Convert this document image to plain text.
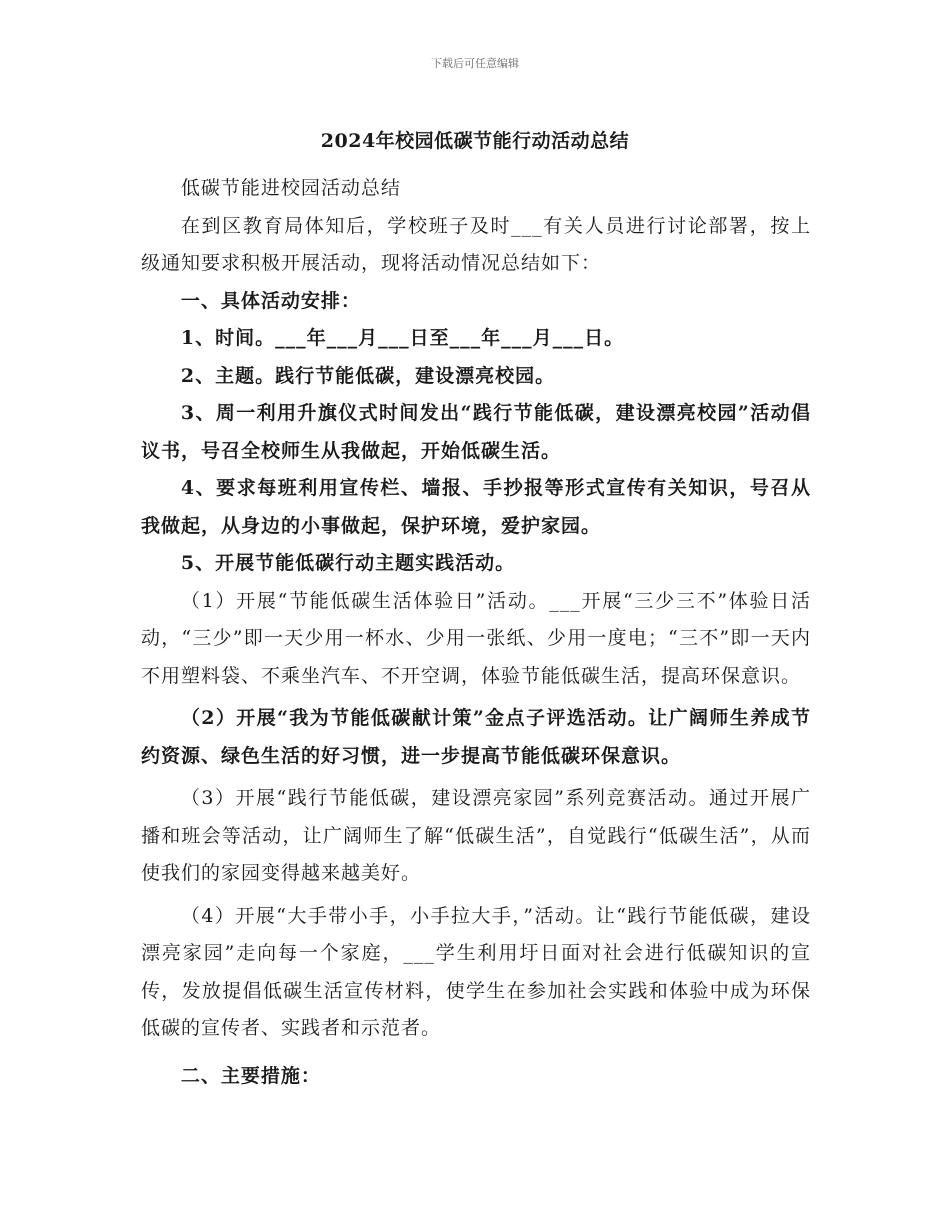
下载后可任意编辑
2024年校园低碳节能行动活动总结

低碳节能进校园活动总结

在到区教育局体知后，学校班子及时___有关人员进行讨论部署，按上级通知要求积极开展活动，现将活动情况总结如下：

一、具体活动安排：

1、时间。___年___月___日至___年___月___日。

2、主题。践行节能低碳，建设漂亮校园。

3、周一利用升旗仪式时间发出“践行节能低碳，建设漂亮校园”活动倡议书，号召全校师生从我做起，开始低碳生活。

4、要求每班利用宣传栏、墙报、手抄报等形式宣传有关知识，号召从我做起，从身边的小事做起，保护环境，爱护家园。

5、开展节能低碳行动主题实践活动。

（1）开展“节能低碳生活体验日”活动。___开展“三少三不”体验日活动，“三少”即一天少用一杯水、少用一张纸、少用一度电；“三不”即一天内不用塑料袋、不乘坐汽车、不开空调，体验节能低碳生活，提高环保意识。

（2）开展“我为节能低碳献计策”金点子评选活动。让广阔师生养成节约资源、绿色生活的好习惯，进一步提高节能低碳环保意识。

（3）开展“践行节能低碳，建设漂亮家园”系列竞赛活动。通过开展广播和班会等活动，让广阔师生了解“低碳生活”，自觉践行“低碳生活”，从而使我们的家园变得越来越美好。

（4）开展“大手带小手，小手拉大手，”活动。让“践行节能低碳，建设漂亮家园”走向每一个家庭，___学生利用圩日面对社会进行低碳知识的宣传，发放提倡低碳生活宣传材料，使学生在参加社会实践和体验中成为环保低碳的宣传者、实践者和示范者。

二、主要措施：
